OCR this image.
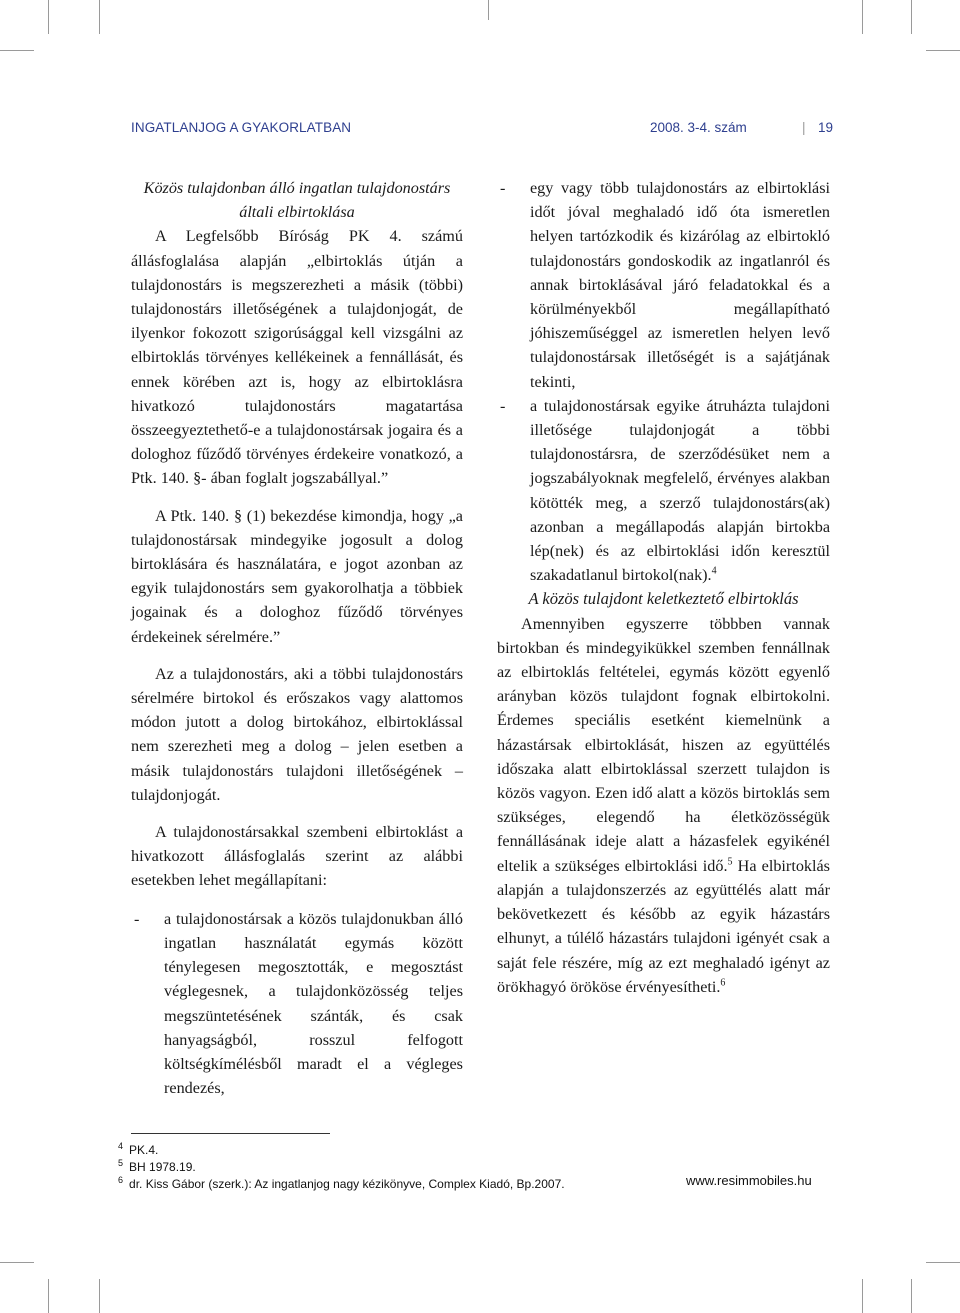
INGATLANJOG A GYAKORLATBAN	2008. 3-4. szám	| 19

Közös tulajdonban álló ingatlan tulajdonostárs
általi elbirtoklása

A Legfelsőbb Bíróság PK 4. számú állásfoglalása alapján „elbirtoklás útján a tulajdonostárs is megszerezheti a másik (többi) tulajdonostárs illetőségének a tulajdonjogát, de ilyenkor fokozott szigorúsággal kell vizsgálni az elbirtoklás törvényes kellékeinek a fennállását, és ennek körében azt is, hogy az elbirtoklásra hivatkozó tulajdonostárs magatartása összeegyeztethető-e a tulajdonostársak jogaira és a dologhoz fűződő törvényes érdekeire vonatkozó, a Ptk. 140. §- ában foglalt jogszabállyal.”

A Ptk. 140. § (1) bekezdése kimondja, hogy „a tulajdonostársak mindegyike jogosult a dolog birtoklására és használatára, e jogot azonban az egyik tulajdonostárs sem gyakorolhatja a többiek jogainak és a dologhoz fűződő törvényes érdekeinek sérelmére.”

Az a tulajdonostárs, aki a többi tulajdonostárs sérelmére birtokol és erőszakos vagy alattomos módon jutott a dolog birtokához, elbirtoklással nem szerezheti meg a dolog – jelen esetben a másik tulajdonostárs tulajdoni illetőségének – tulajdonjogát.

A tulajdonostársakkal szembeni elbirtoklást a hivatkozott állásfoglalás szerint az alábbi esetekben lehet megállapítani:

- a tulajdonostársak a közös tulajdonukban álló ingatlan használatát egymás között ténylegesen megosztották, e megosztást véglegesnek, a tulajdonközösség teljes megszüntetésének szánták, és csak hanyagságból, rosszul felfogott költségkímélésből maradt el a végleges rendezés,
- egy vagy több tulajdonostárs az elbirtoklási időt jóval meghaladó idő óta ismeretlen helyen tartózkodik és kizárólag az elbirtokló tulajdonostárs gondoskodik az ingatlanról és annak birtoklásával járó feladatokkal és a körülményekből megállapítható jóhiszeműséggel az ismeretlen helyen levő tulajdonostársak illetőségét is a sajátjának tekinti,
- a tulajdonostársak egyike átruházta tulajdoni illetősége tulajdonjogát a többi tulajdonostársra, de szerződésüket nem a jogszabályoknak megfelelő, érvényes alakban kötötték meg, a szerző tulajdonostárs(ak) azonban a megállapodás alapján birtokba lép(nek) és az elbirtoklási időn keresztül szakadatlanul birtokol(nak).$^4$

A közös tulajdont keletkeztető elbirtoklás

Amennyiben egyszerre többben vannak birtokban és mindegyikükkel szemben fennállnak az elbirtoklás feltételei, egymás között egyenlő arányban közös tulajdont fognak elbirtokolni. Érdemes speciális esetként kiemelnünk a házastársak elbirtoklását, hiszen az együttélés időszaka alatt elbirtoklással szerzett tulajdon is közös vagyon. Ezen idő alatt a közös birtoklás sem szükséges, elegendő ha életközösségük fennállásának ideje alatt a házasfelek egyikénél eltelik a szükséges elbirtoklási idő.$^5$ Ha elbirtoklás alapján a tulajdonszerzés az együttélés alatt már bekövetkezett és később az egyik házastárs elhunyt, a túlélő házastárs tulajdoni igényét csak a saját fele részére, míg az ezt meghaladó igényt az örökhagyó örököse érvényesítheti.$^6$

$^4$ PK.4.

$^5$ BH 1978.19.

$^6$ dr. Kiss Gábor (szerk.): Az ingatlanjog nagy kézikönyve, Complex Kiadó, Bp.2007.	www.resimmobiles.hu
